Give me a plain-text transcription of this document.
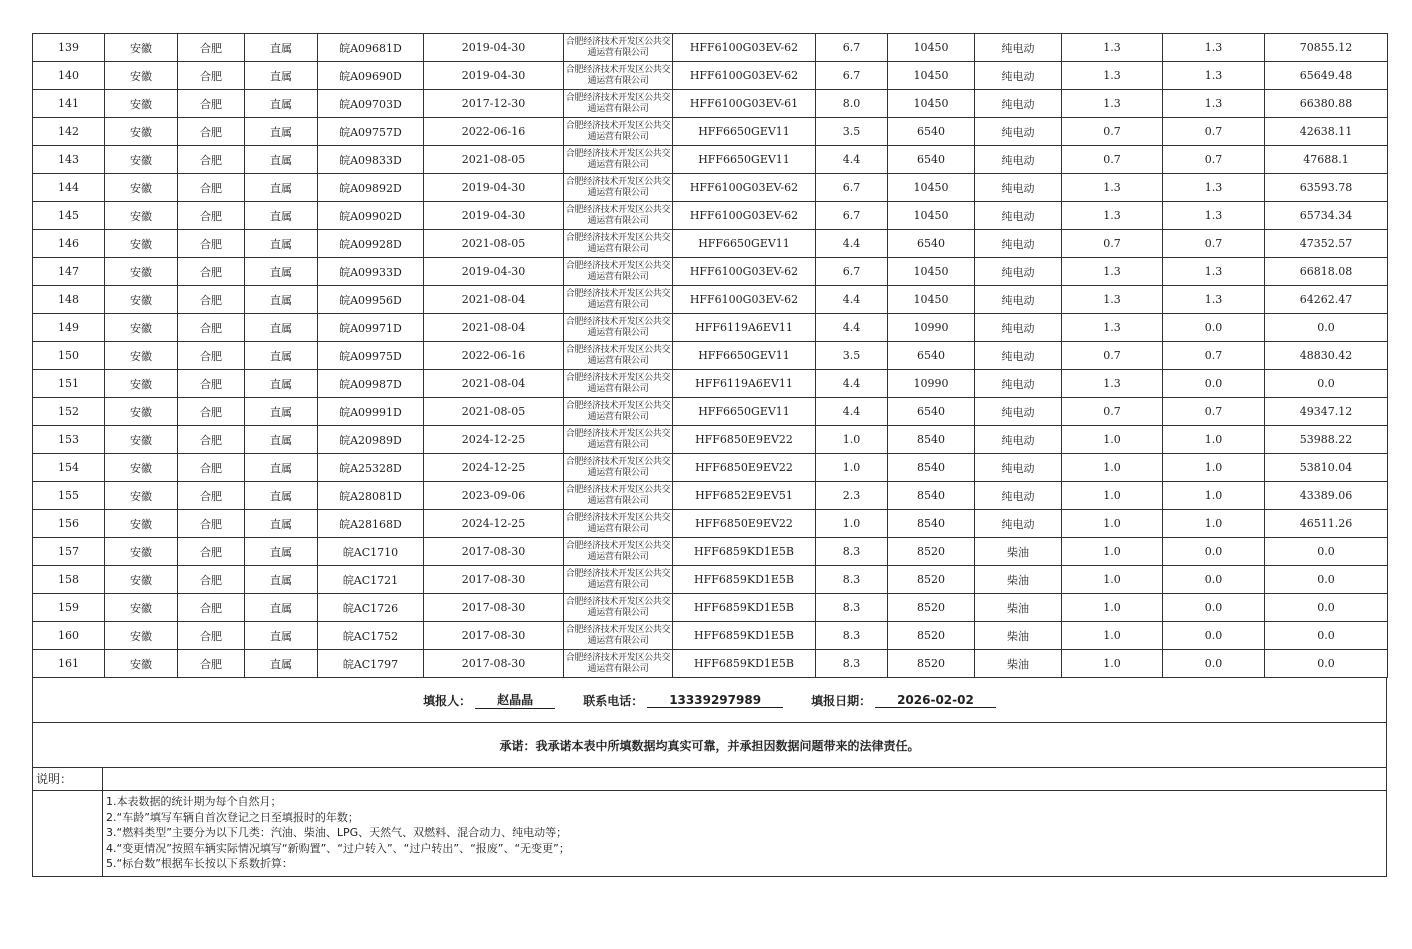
139	安徽	合肥	直属	皖A09681D	2019-04-30	合肥经济技术开发区公共交通运营有限公司	HFF6100G03EV-62	6.7	10450	纯电动	1.3	1.3	70855.12
140	安徽	合肥	直属	皖A09690D	2019-04-30	合肥经济技术开发区公共交通运营有限公司	HFF6100G03EV-62	6.7	10450	纯电动	1.3	1.3	65649.48
141	安徽	合肥	直属	皖A09703D	2017-12-30	合肥经济技术开发区公共交通运营有限公司	HFF6100G03EV-61	8.0	10450	纯电动	1.3	1.3	66380.88
142	安徽	合肥	直属	皖A09757D	2022-06-16	合肥经济技术开发区公共交通运营有限公司	HFF6650GEV11	3.5	6540	纯电动	0.7	0.7	42638.11
143	安徽	合肥	直属	皖A09833D	2021-08-05	合肥经济技术开发区公共交通运营有限公司	HFF6650GEV11	4.4	6540	纯电动	0.7	0.7	47688.1
144	安徽	合肥	直属	皖A09892D	2019-04-30	合肥经济技术开发区公共交通运营有限公司	HFF6100G03EV-62	6.7	10450	纯电动	1.3	1.3	63593.78
145	安徽	合肥	直属	皖A09902D	2019-04-30	合肥经济技术开发区公共交通运营有限公司	HFF6100G03EV-62	6.7	10450	纯电动	1.3	1.3	65734.34
146	安徽	合肥	直属	皖A09928D	2021-08-05	合肥经济技术开发区公共交通运营有限公司	HFF6650GEV11	4.4	6540	纯电动	0.7	0.7	47352.57
147	安徽	合肥	直属	皖A09933D	2019-04-30	合肥经济技术开发区公共交通运营有限公司	HFF6100G03EV-62	6.7	10450	纯电动	1.3	1.3	66818.08
148	安徽	合肥	直属	皖A09956D	2021-08-04	合肥经济技术开发区公共交通运营有限公司	HFF6100G03EV-62	4.4	10450	纯电动	1.3	1.3	64262.47
149	安徽	合肥	直属	皖A09971D	2021-08-04	合肥经济技术开发区公共交通运营有限公司	HFF6119A6EV11	4.4	10990	纯电动	1.3	0.0	0.0
150	安徽	合肥	直属	皖A09975D	2022-06-16	合肥经济技术开发区公共交通运营有限公司	HFF6650GEV11	3.5	6540	纯电动	0.7	0.7	48830.42
151	安徽	合肥	直属	皖A09987D	2021-08-04	合肥经济技术开发区公共交通运营有限公司	HFF6119A6EV11	4.4	10990	纯电动	1.3	0.0	0.0
152	安徽	合肥	直属	皖A09991D	2021-08-05	合肥经济技术开发区公共交通运营有限公司	HFF6650GEV11	4.4	6540	纯电动	0.7	0.7	49347.12
153	安徽	合肥	直属	皖A20989D	2024-12-25	合肥经济技术开发区公共交通运营有限公司	HFF6850E9EV22	1.0	8540	纯电动	1.0	1.0	53988.22
154	安徽	合肥	直属	皖A25328D	2024-12-25	合肥经济技术开发区公共交通运营有限公司	HFF6850E9EV22	1.0	8540	纯电动	1.0	1.0	53810.04
155	安徽	合肥	直属	皖A28081D	2023-09-06	合肥经济技术开发区公共交通运营有限公司	HFF6852E9EV51	2.3	8540	纯电动	1.0	1.0	43389.06
156	安徽	合肥	直属	皖A28168D	2024-12-25	合肥经济技术开发区公共交通运营有限公司	HFF6850E9EV22	1.0	8540	纯电动	1.0	1.0	46511.26
157	安徽	合肥	直属	皖AC1710	2017-08-30	合肥经济技术开发区公共交通运营有限公司	HFF6859KD1E5B	8.3	8520	柴油	1.0	0.0	0.0
158	安徽	合肥	直属	皖AC1721	2017-08-30	合肥经济技术开发区公共交通运营有限公司	HFF6859KD1E5B	8.3	8520	柴油	1.0	0.0	0.0
159	安徽	合肥	直属	皖AC1726	2017-08-30	合肥经济技术开发区公共交通运营有限公司	HFF6859KD1E5B	8.3	8520	柴油	1.0	0.0	0.0
160	安徽	合肥	直属	皖AC1752	2017-08-30	合肥经济技术开发区公共交通运营有限公司	HFF6859KD1E5B	8.3	8520	柴油	1.0	0.0	0.0
161	安徽	合肥	直属	皖AC1797	2017-08-30	合肥经济技术开发区公共交通运营有限公司	HFF6859KD1E5B	8.3	8520	柴油	1.0	0.0	0.0
填报人：	赵晶晶	联系电话：	13339297989	填报日期：	2026-02-02
承诺：我承诺本表中所填数据均真实可靠，并承担因数据问题带来的法律责任。
说明：
1.本表数据的统计期为每个自然月；
2.“车龄”填写车辆自首次登记之日至填报时的年数；
3.“燃料类型”主要分为以下几类：汽油、柴油、LPG、天然气、双燃料、混合动力、纯电动等；
4.“变更情况”按照车辆实际情况填写“新购置”、“过户转入”、“过户转出”、“报废”、“无变更”；
5.“标台数”根据车长按以下系数折算：
